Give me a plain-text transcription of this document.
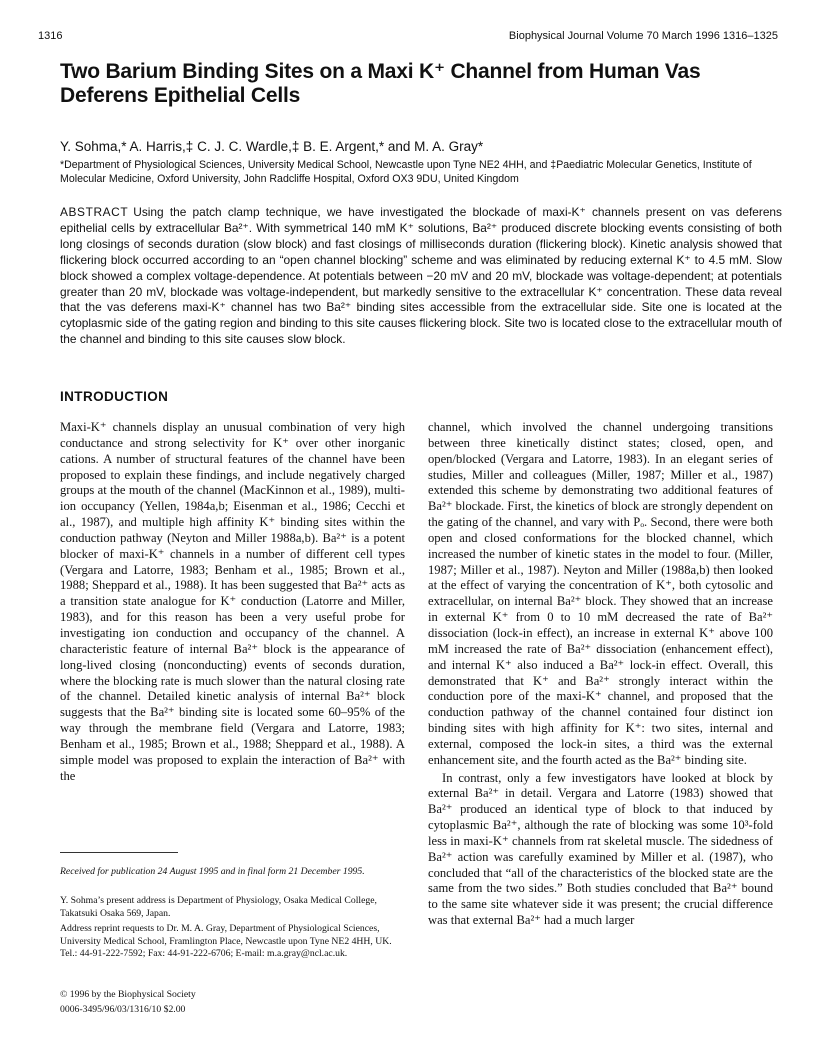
1316	Biophysical Journal Volume 70 March 1996 1316–1325
Two Barium Binding Sites on a Maxi K⁺ Channel from Human Vas Deferens Epithelial Cells
Y. Sohma,* A. Harris,‡ C. J. C. Wardle,‡ B. E. Argent,* and M. A. Gray*
*Department of Physiological Sciences, University Medical School, Newcastle upon Tyne NE2 4HH, and ‡Paediatric Molecular Genetics, Institute of Molecular Medicine, Oxford University, John Radcliffe Hospital, Oxford OX3 9DU, United Kingdom
ABSTRACT Using the patch clamp technique, we have investigated the blockade of maxi-K⁺ channels present on vas deferens epithelial cells by extracellular Ba²⁺. With symmetrical 140 mM K⁺ solutions, Ba²⁺ produced discrete blocking events consisting of both long closings of seconds duration (slow block) and fast closings of milliseconds duration (flickering block). Kinetic analysis showed that flickering block occurred according to an “open channel blocking” scheme and was eliminated by reducing external K⁺ to 4.5 mM. Slow block showed a complex voltage-dependence. At potentials between −20 mV and 20 mV, blockade was voltage-dependent; at potentials greater than 20 mV, blockade was voltage-independent, but markedly sensitive to the extracellular K⁺ concentration. These data reveal that the vas deferens maxi-K⁺ channel has two Ba²⁺ binding sites accessible from the extracellular side. Site one is located at the cytoplasmic side of the gating region and binding to this site causes flickering block. Site two is located close to the extracellular mouth of the channel and binding to this site causes slow block.
INTRODUCTION

Maxi-K⁺ channels display an unusual combination of very high conductance and strong selectivity for K⁺ over other inorganic cations. A number of structural features of the channel have been proposed to explain these findings, and include negatively charged groups at the mouth of the channel (MacKinnon et al., 1989), multi-ion occupancy (Yellen, 1984a,b; Eisenman et al., 1986; Cecchi et al., 1987), and multiple high affinity K⁺ binding sites within the conduction pathway (Neyton and Miller 1988a,b). Ba²⁺ is a potent blocker of maxi-K⁺ channels in a number of different cell types (Vergara and Latorre, 1983; Benham et al., 1985; Brown et al., 1988; Sheppard et al., 1988). It has been suggested that Ba²⁺ acts as a transition state analogue for K⁺ conduction (Latorre and Miller, 1983), and for this reason has been a very useful probe for investigating ion conduction and occupancy of the channel. A characteristic feature of internal Ba²⁺ block is the appearance of long-lived closing (nonconducting) events of seconds duration, where the blocking rate is much slower than the natural closing rate of the channel. Detailed kinetic analysis of internal Ba²⁺ block suggests that the Ba²⁺ binding site is located some 60–95% of the way through the membrane field (Vergara and Latorre, 1983; Benham et al., 1985; Brown et al., 1988; Sheppard et al., 1988). A simple model was proposed to explain the interaction of Ba²⁺ with the

channel, which involved the channel undergoing transitions between three kinetically distinct states; closed, open, and open/blocked (Vergara and Latorre, 1983). In an elegant series of studies, Miller and colleagues (Miller, 1987; Miller et al., 1987) extended this scheme by demonstrating two additional features of Ba²⁺ blockade. First, the kinetics of block are strongly dependent on the gating of the channel, and vary with Pₒ. Second, there were both open and closed conformations for the blocked channel, which increased the number of kinetic states in the model to four. (Miller, 1987; Miller et al., 1987). Neyton and Miller (1988a,b) then looked at the effect of varying the concentration of K⁺, both cytosolic and extracellular, on internal Ba²⁺ block. They showed that an increase in external K⁺ from 0 to 10 mM decreased the rate of Ba²⁺ dissociation (lock-in effect), an increase in external K⁺ above 100 mM increased the rate of Ba²⁺ dissociation (enhancement effect), and internal K⁺ also induced a Ba²⁺ lock-in effect. Overall, this demonstrated that K⁺ and Ba²⁺ strongly interact within the conduction pore of the maxi-K⁺ channel, and proposed that the conduction pathway of the channel contained four distinct ion binding sites with high affinity for K⁺: two sites, internal and external, composed the lock-in sites, a third was the external enhancement site, and the fourth acted as the Ba²⁺ binding site.

In contrast, only a few investigators have looked at block by external Ba²⁺ in detail. Vergara and Latorre (1983) showed that Ba²⁺ produced an identical type of block to that induced by cytoplasmic Ba²⁺, although the rate of blocking was some 10³-fold less in maxi-K⁺ channels from rat skeletal muscle. The sidedness of Ba²⁺ action was carefully examined by Miller et al. (1987), who concluded that “all of the characteristics of the blocked state are the same from the two sides.” Both studies concluded that Ba²⁺ bound to the same site whatever side it was present; the crucial difference was that external Ba²⁺ had a much larger

Received for publication 24 August 1995 and in final form 21 December 1995.
Y. Sohma’s present address is Department of Physiology, Osaka Medical College, Takatsuki Osaka 569, Japan.
Address reprint requests to Dr. M. A. Gray, Department of Physiological Sciences, University Medical School, Framlington Place, Newcastle upon Tyne NE2 4HH, UK. Tel.: 44-91-222-7592; Fax: 44-91-222-6706; E-mail: m.a.gray@ncl.ac.uk.
© 1996 by the Biophysical Society
0006-3495/96/03/1316/10 $2.00
